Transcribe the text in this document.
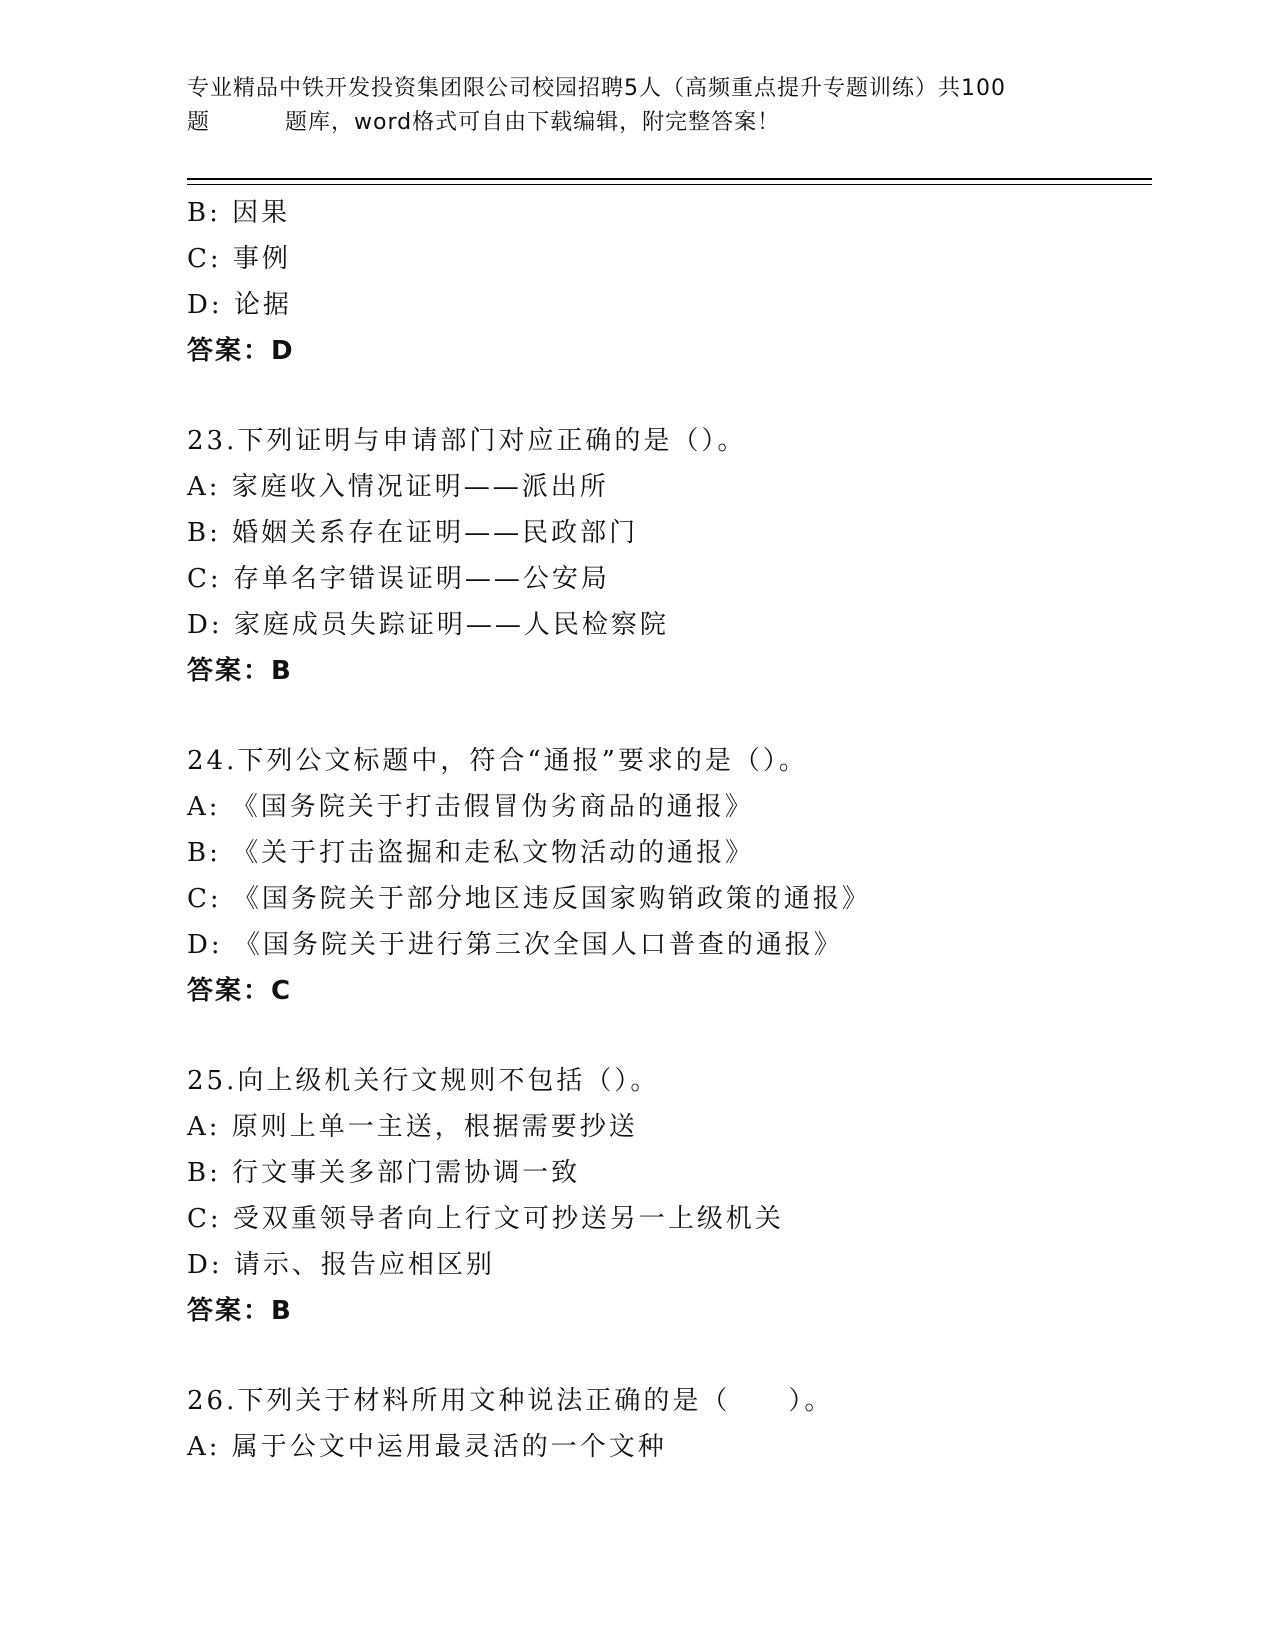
专业精品中铁开发投资集团限公司校园招聘5人（高频重点提升专题训练）共100
题	题库，word格式可自由下载编辑，附完整答案！
B: 因果
C: 事例
D: 论据
答案：D
23.下列证明与申请部门对应正确的是（）。
A: 家庭收入情况证明——派出所
B: 婚姻关系存在证明——民政部门
C: 存单名字错误证明——公安局
D: 家庭成员失踪证明——人民检察院
答案：B
24.下列公文标题中，符合“通报”要求的是（）。
A: 《国务院关于打击假冒伪劣商品的通报》
B: 《关于打击盗掘和走私文物活动的通报》
C: 《国务院关于部分地区违反国家购销政策的通报》
D: 《国务院关于进行第三次全国人口普查的通报》
答案：C
25.向上级机关行文规则不包括（）。
A: 原则上单一主送，根据需要抄送
B: 行文事关多部门需协调一致
C: 受双重领导者向上行文可抄送另一上级机关
D: 请示、报告应相区别
答案：B
26.下列关于材料所用文种说法正确的是（　　）。
A: 属于公文中运用最灵活的一个文种
